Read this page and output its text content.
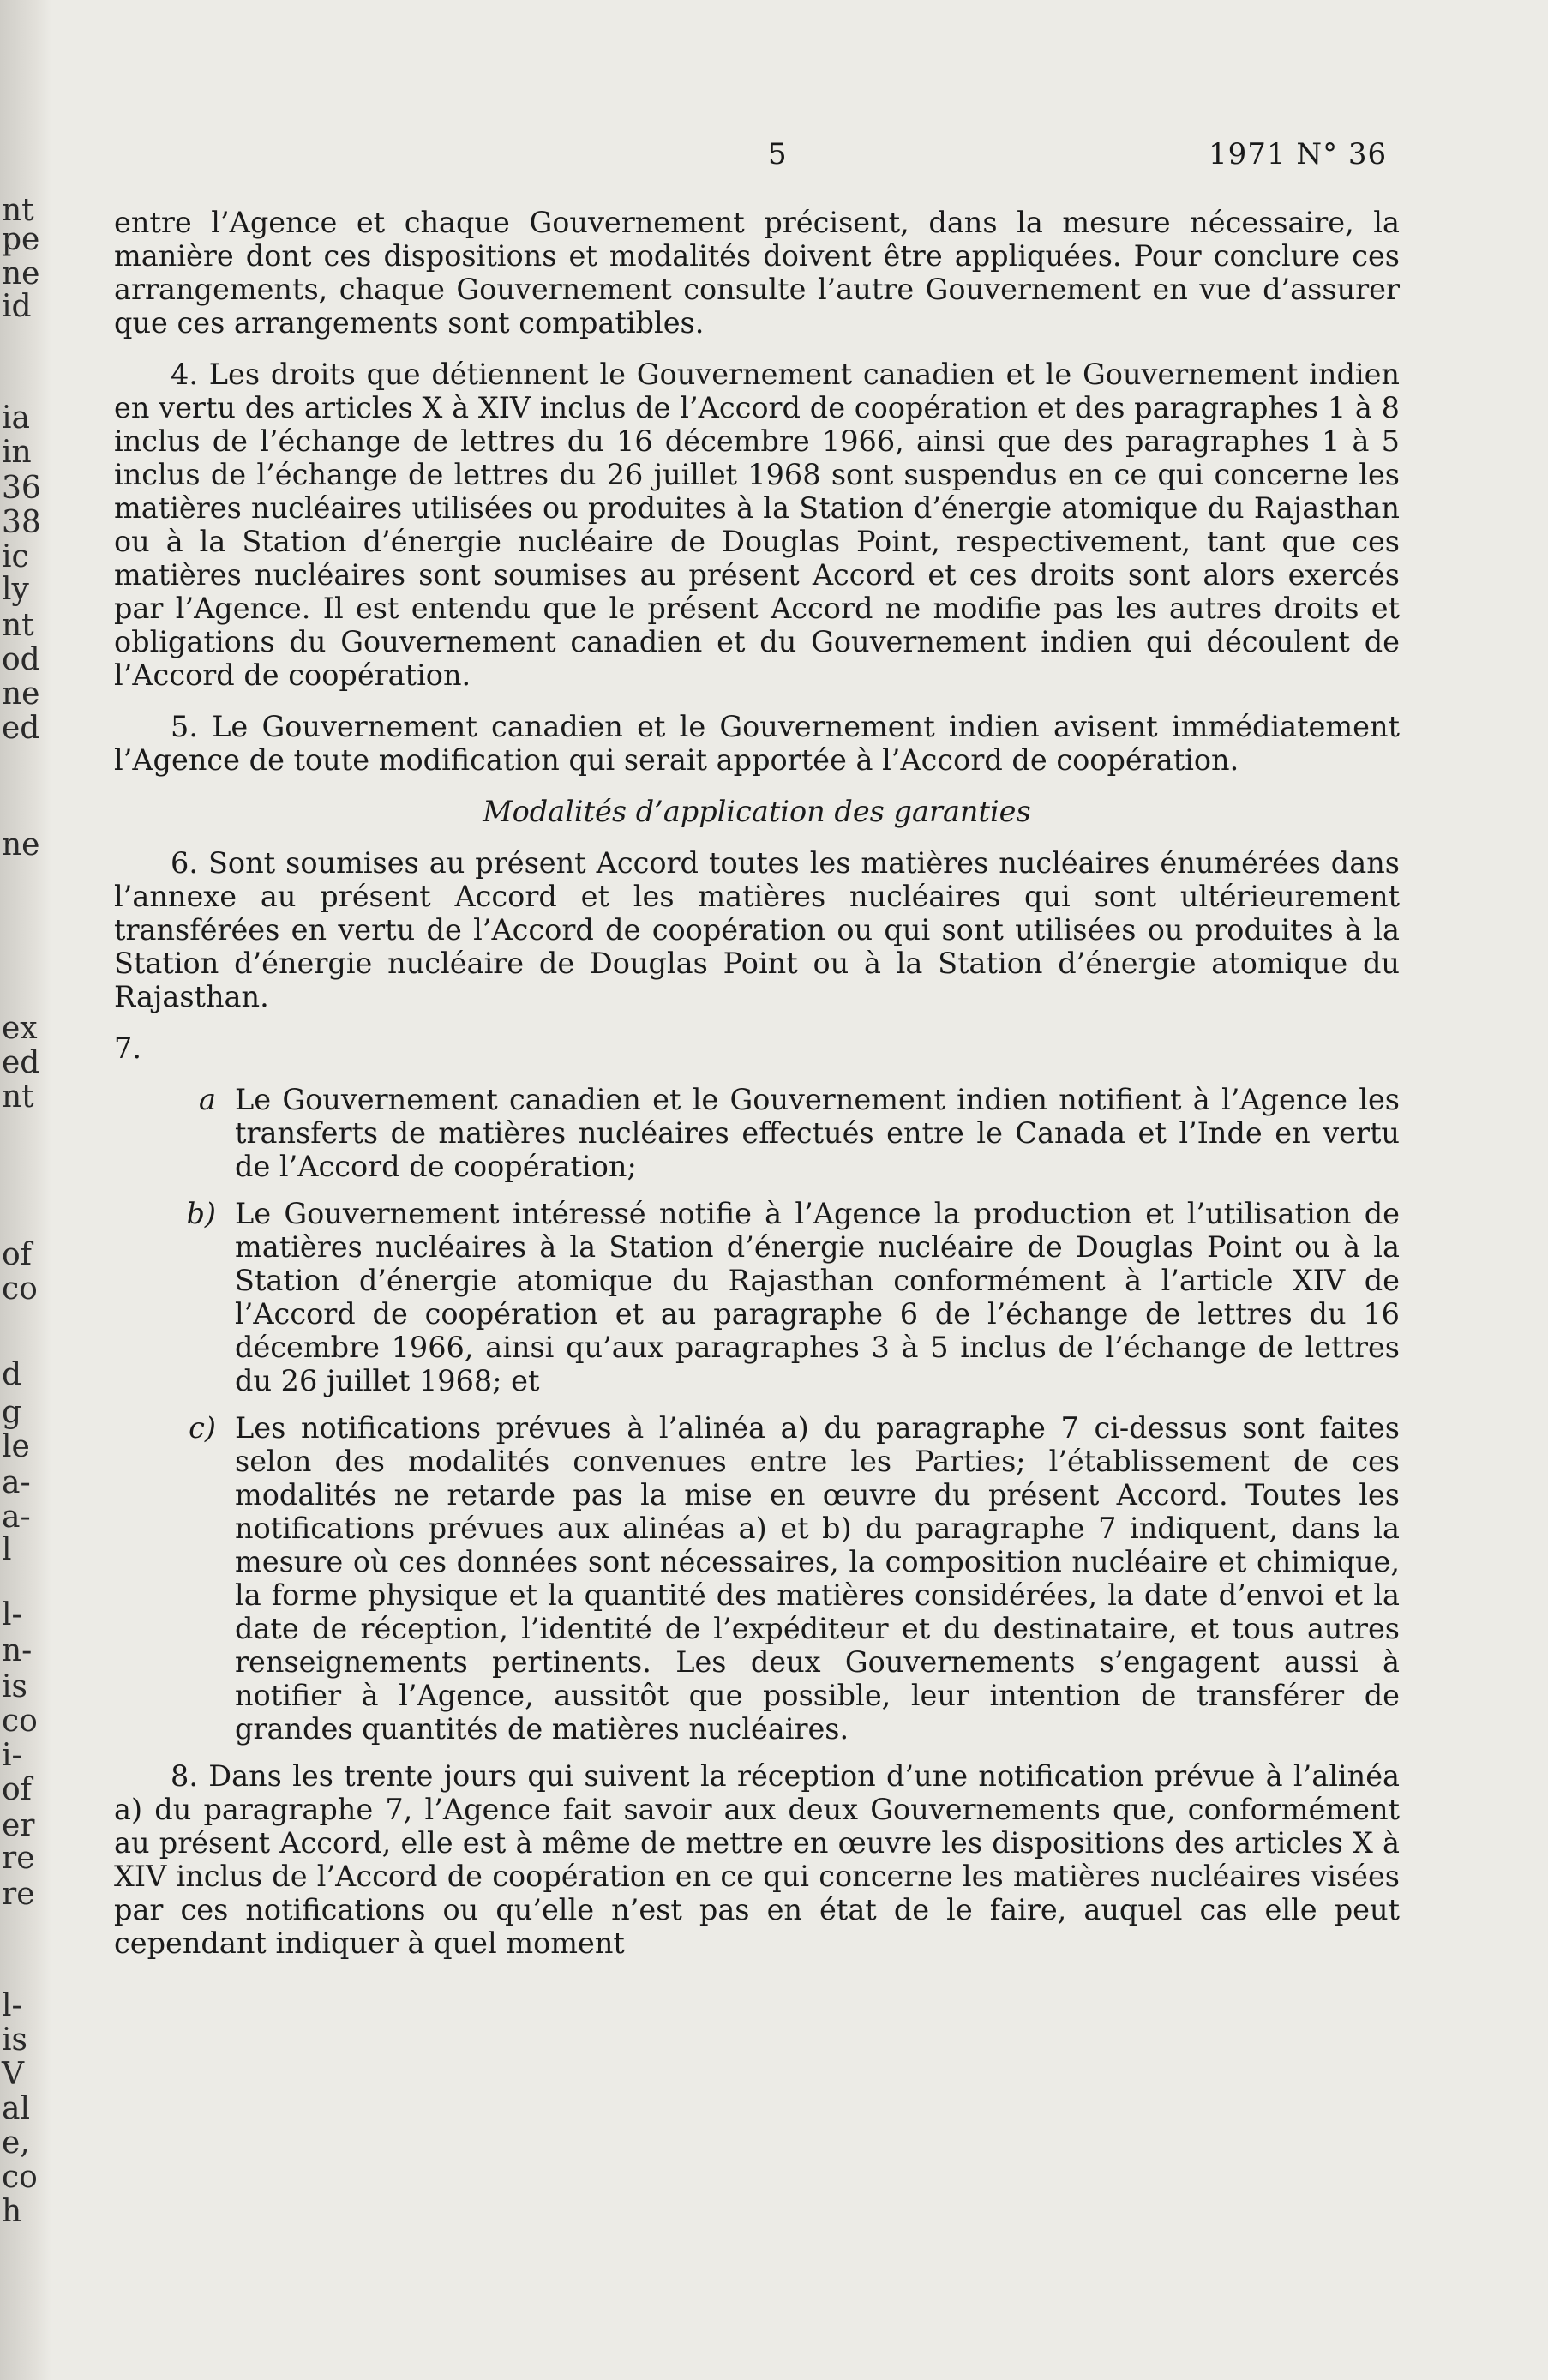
nt
pe
ne
id
ia
in
36
38
ic
ly
nt
od
ne
ed
ne
ex
ed
nt
of
co
d
g
le
a-
a-
l
l-
n-
is
co
i-
of
er
re
re
l-
is
V
al
e,
co
h
5	1971 N° 36

entre l’Agence et chaque Gouvernement précisent, dans la mesure nécessaire, la manière dont ces dispositions et modalités doivent être appliquées. Pour conclure ces arrangements, chaque Gouvernement consulte l’autre Gouvernement en vue d’assurer que ces arrangements sont compatibles.

4. Les droits que détiennent le Gouvernement canadien et le Gouvernement indien en vertu des articles X à XIV inclus de l’Accord de coopération et des paragraphes 1 à 8 inclus de l’échange de lettres du 16 décembre 1966, ainsi que des paragraphes 1 à 5 inclus de l’échange de lettres du 26 juillet 1968 sont suspendus en ce qui concerne les matières nucléaires utilisées ou produites à la Station d’énergie atomique du Rajasthan ou à la Station d’énergie nucléaire de Douglas Point, respectivement, tant que ces matières nucléaires sont soumises au présent Accord et ces droits sont alors exercés par l’Agence. Il est entendu que le présent Accord ne modifie pas les autres droits et obligations du Gouvernement canadien et du Gouvernement indien qui découlent de l’Accord de coopération.

5. Le Gouvernement canadien et le Gouvernement indien avisent immédiatement l’Agence de toute modification qui serait apportée à l’Accord de coopération.

Modalités d’application des garanties

6. Sont soumises au présent Accord toutes les matières nucléaires énumérées dans l’annexe au présent Accord et les matières nucléaires qui sont ultérieurement transférées en vertu de l’Accord de coopération ou qui sont utilisées ou produites à la Station d’énergie nucléaire de Douglas Point ou à la Station d’énergie atomique du Rajasthan.

7.

a Le Gouvernement canadien et le Gouvernement indien notifient à l’Agence les transferts de matières nucléaires effectués entre le Canada et l’Inde en vertu de l’Accord de coopération;
b) Le Gouvernement intéressé notifie à l’Agence la production et l’utilisation de matières nucléaires à la Station d’énergie nucléaire de Douglas Point ou à la Station d’énergie atomique du Rajasthan conformément à l’article XIV de l’Accord de coopération et au paragraphe 6 de l’échange de lettres du 16 décembre 1966, ainsi qu’aux paragraphes 3 à 5 inclus de l’échange de lettres du 26 juillet 1968; et
c) Les notifications prévues à l’alinéa a) du paragraphe 7 ci-dessus sont faites selon des modalités convenues entre les Parties; l’établissement de ces modalités ne retarde pas la mise en œuvre du présent Accord. Toutes les notifications prévues aux alinéas a) et b) du paragraphe 7 indiquent, dans la mesure où ces données sont nécessaires, la composition nucléaire et chimique, la forme physique et la quantité des matières considérées, la date d’envoi et la date de réception, l’identité de l’expéditeur et du destinataire, et tous autres renseignements pertinents. Les deux Gouvernements s’engagent aussi à notifier à l’Agence, aussitôt que possible, leur intention de transférer de grandes quantités de matières nucléaires.

8. Dans les trente jours qui suivent la réception d’une notification prévue à l’alinéa a) du paragraphe 7, l’Agence fait savoir aux deux Gouvernements que, conformément au présent Accord, elle est à même de mettre en œuvre les dispositions des articles X à XIV inclus de l’Accord de coopération en ce qui concerne les matières nucléaires visées par ces notifications ou qu’elle n’est pas en état de le faire, auquel cas elle peut cependant indiquer à quel moment
